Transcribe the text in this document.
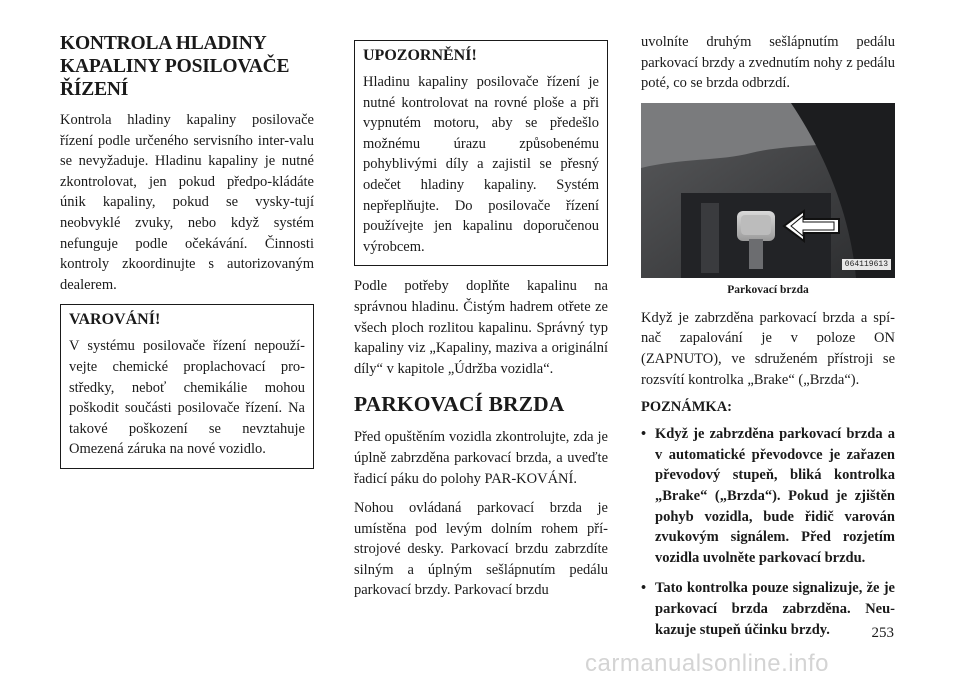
KONTROLA HLADINY KAPALINY POSILOVAČE ŘÍZENÍ

Kontrola hladiny kapaliny posilovače řízení podle určeného servisního inter-valu se nevyžaduje. Hladinu kapaliny je nutné zkontrolovat, jen pokud předpo-kládáte únik kapaliny, pokud se vysky-tují neobvyklé zvuky, nebo když systém nefunguje podle očekávání. Činnosti kontroly zkoordinujte s autorizovaným dealerem.

VAROVÁNÍ!

V systému posilovače řízení nepouží-vejte chemické proplachovací pro-středky, neboť chemikálie mohou poškodit součásti posilovače řízení. Na takové poškození se nevztahuje Omezená záruka na nové vozidlo.

UPOZORNĚNÍ!

Hladinu kapaliny posilovače řízení je nutné kontrolovat na rovné ploše a při vypnutém motoru, aby se předešlo možnému úrazu způsobenému pohyblivými díly a zajistil se přesný odečet hladiny kapaliny. Systém nepřeplňujte. Do posilovače řízení používejte jen kapalinu doporučenou výrobcem.

Podle potřeby doplňte kapalinu na správnou hladinu. Čistým hadrem otřete ze všech ploch rozlitou kapalinu. Správný typ kapaliny viz „Kapaliny, maziva a originální díly“ v kapitole „Údržba vozidla“.

PARKOVACÍ BRZDA

Před opuštěním vozidla zkontrolujte, zda je úplně zabrzděna parkovací brzda, a uveďte řadicí páku do polohy PAR-KOVÁNÍ.

Nohou ovládaná parkovací brzda je umístěna pod levým dolním rohem pří-strojové desky. Parkovací brzdu zabrzdíte silným a úplným sešlápnutím pedálu parkovací brzdy. Parkovací brzdu

uvolníte druhým sešlápnutím pedálu parkovací brzdy a zvednutím nohy z pedálu poté, co se brzda odbrzdí.

064119613
Parkovací brzda

Když je zabrzděna parkovací brzda a spí-nač zapalování je v poloze ON (ZAPNUTO), ve sdruženém přístroji se rozsvítí kontrolka „Brake“ („Brzda“).

POZNÁMKA:
• Když je zabrzděna parkovací brzda a v automatické převodovce je zařazen převodový stupeň, bliká kontrolka „Brake“ („Brzda“). Pokud je zjištěn pohyb vozidla, bude řidič varován zvukovým signálem. Před rozjetím vozidla uvolněte parkovací brzdu.
• Tato kontrolka pouze signalizuje, že je parkovací brzda zabrzděna. Neu-kazuje stupeň účinku brzdy.	253
carmanualsonline.info
